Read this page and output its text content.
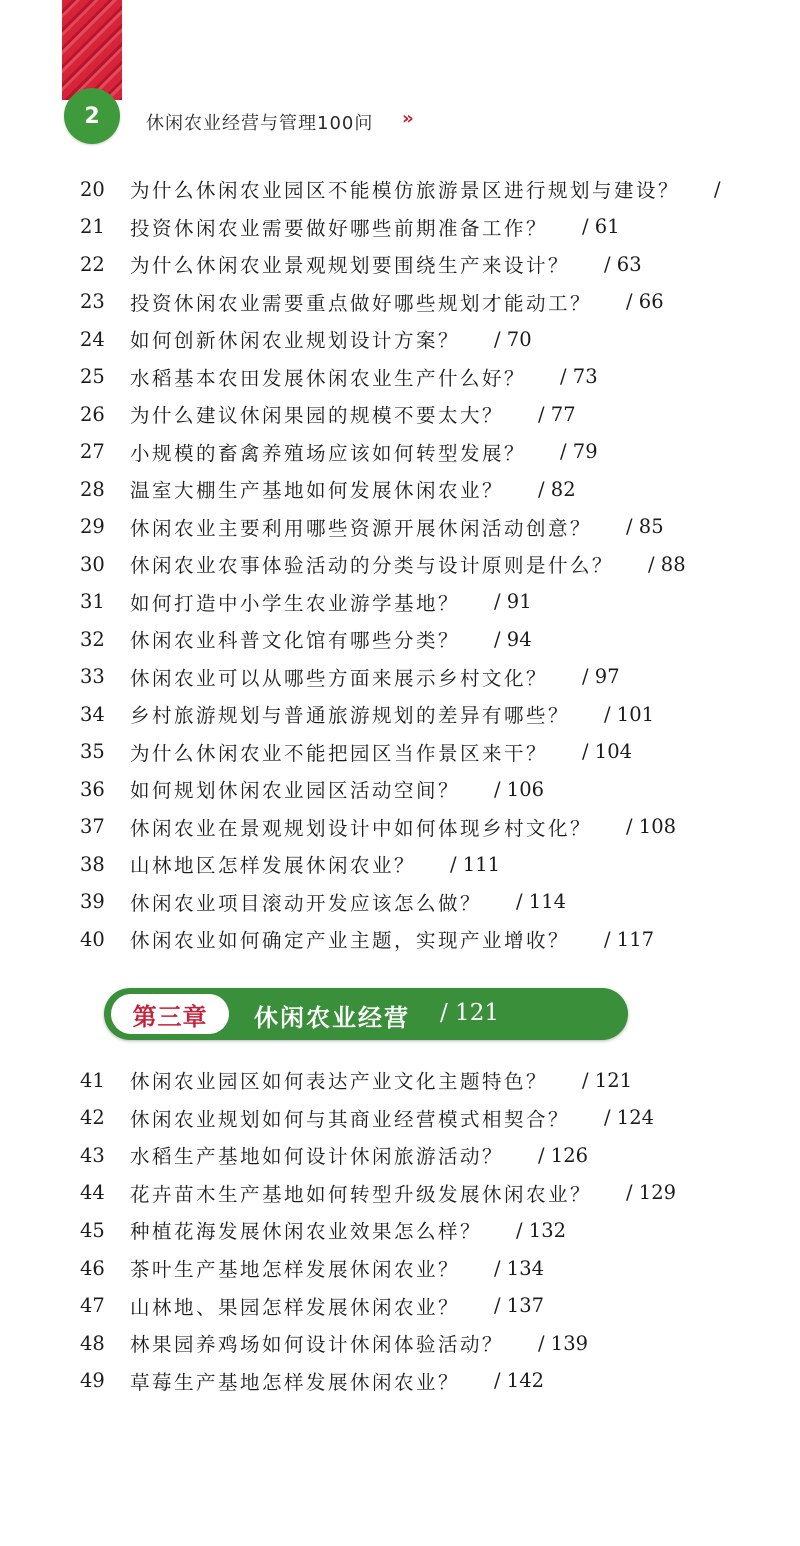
2	休闲农业经营与管理100问 ››
20	为什么休闲农业园区不能模仿旅游景区进行规划与建设？ /
21	投资休闲农业需要做好哪些前期准备工作？ / 61
22	为什么休闲农业景观规划要围绕生产来设计？ / 63
23	投资休闲农业需要重点做好哪些规划才能动工？ / 66
24	如何创新休闲农业规划设计方案？ / 70
25	水稻基本农田发展休闲农业生产什么好？ / 73
26	为什么建议休闲果园的规模不要太大？ / 77
27	小规模的畜禽养殖场应该如何转型发展？ / 79
28	温室大棚生产基地如何发展休闲农业？ / 82
29	休闲农业主要利用哪些资源开展休闲活动创意？ / 85
30	休闲农业农事体验活动的分类与设计原则是什么？ / 88
31	如何打造中小学生农业游学基地？ / 91
32	休闲农业科普文化馆有哪些分类？ / 94
33	休闲农业可以从哪些方面来展示乡村文化？ / 97
34	乡村旅游规划与普通旅游规划的差异有哪些？ / 101
35	为什么休闲农业不能把园区当作景区来干？ / 104
36	如何规划休闲农业园区活动空间？ / 106
37	休闲农业在景观规划设计中如何体现乡村文化？ / 108
38	山林地区怎样发展休闲农业？ / 111
39	休闲农业项目滚动开发应该怎么做？ / 114
40	休闲农业如何确定产业主题，实现产业增收？ / 117
第三章	休闲农业经营 / 121
41	休闲农业园区如何表达产业文化主题特色？ / 121
42	休闲农业规划如何与其商业经营模式相契合？ / 124
43	水稻生产基地如何设计休闲旅游活动？ / 126
44	花卉苗木生产基地如何转型升级发展休闲农业？ / 129
45	种植花海发展休闲农业效果怎么样？ / 132
46	茶叶生产基地怎样发展休闲农业？ / 134
47	山林地、果园怎样发展休闲农业？ / 137
48	林果园养鸡场如何设计休闲体验活动？ / 139
49	草莓生产基地怎样发展休闲农业？ / 142
